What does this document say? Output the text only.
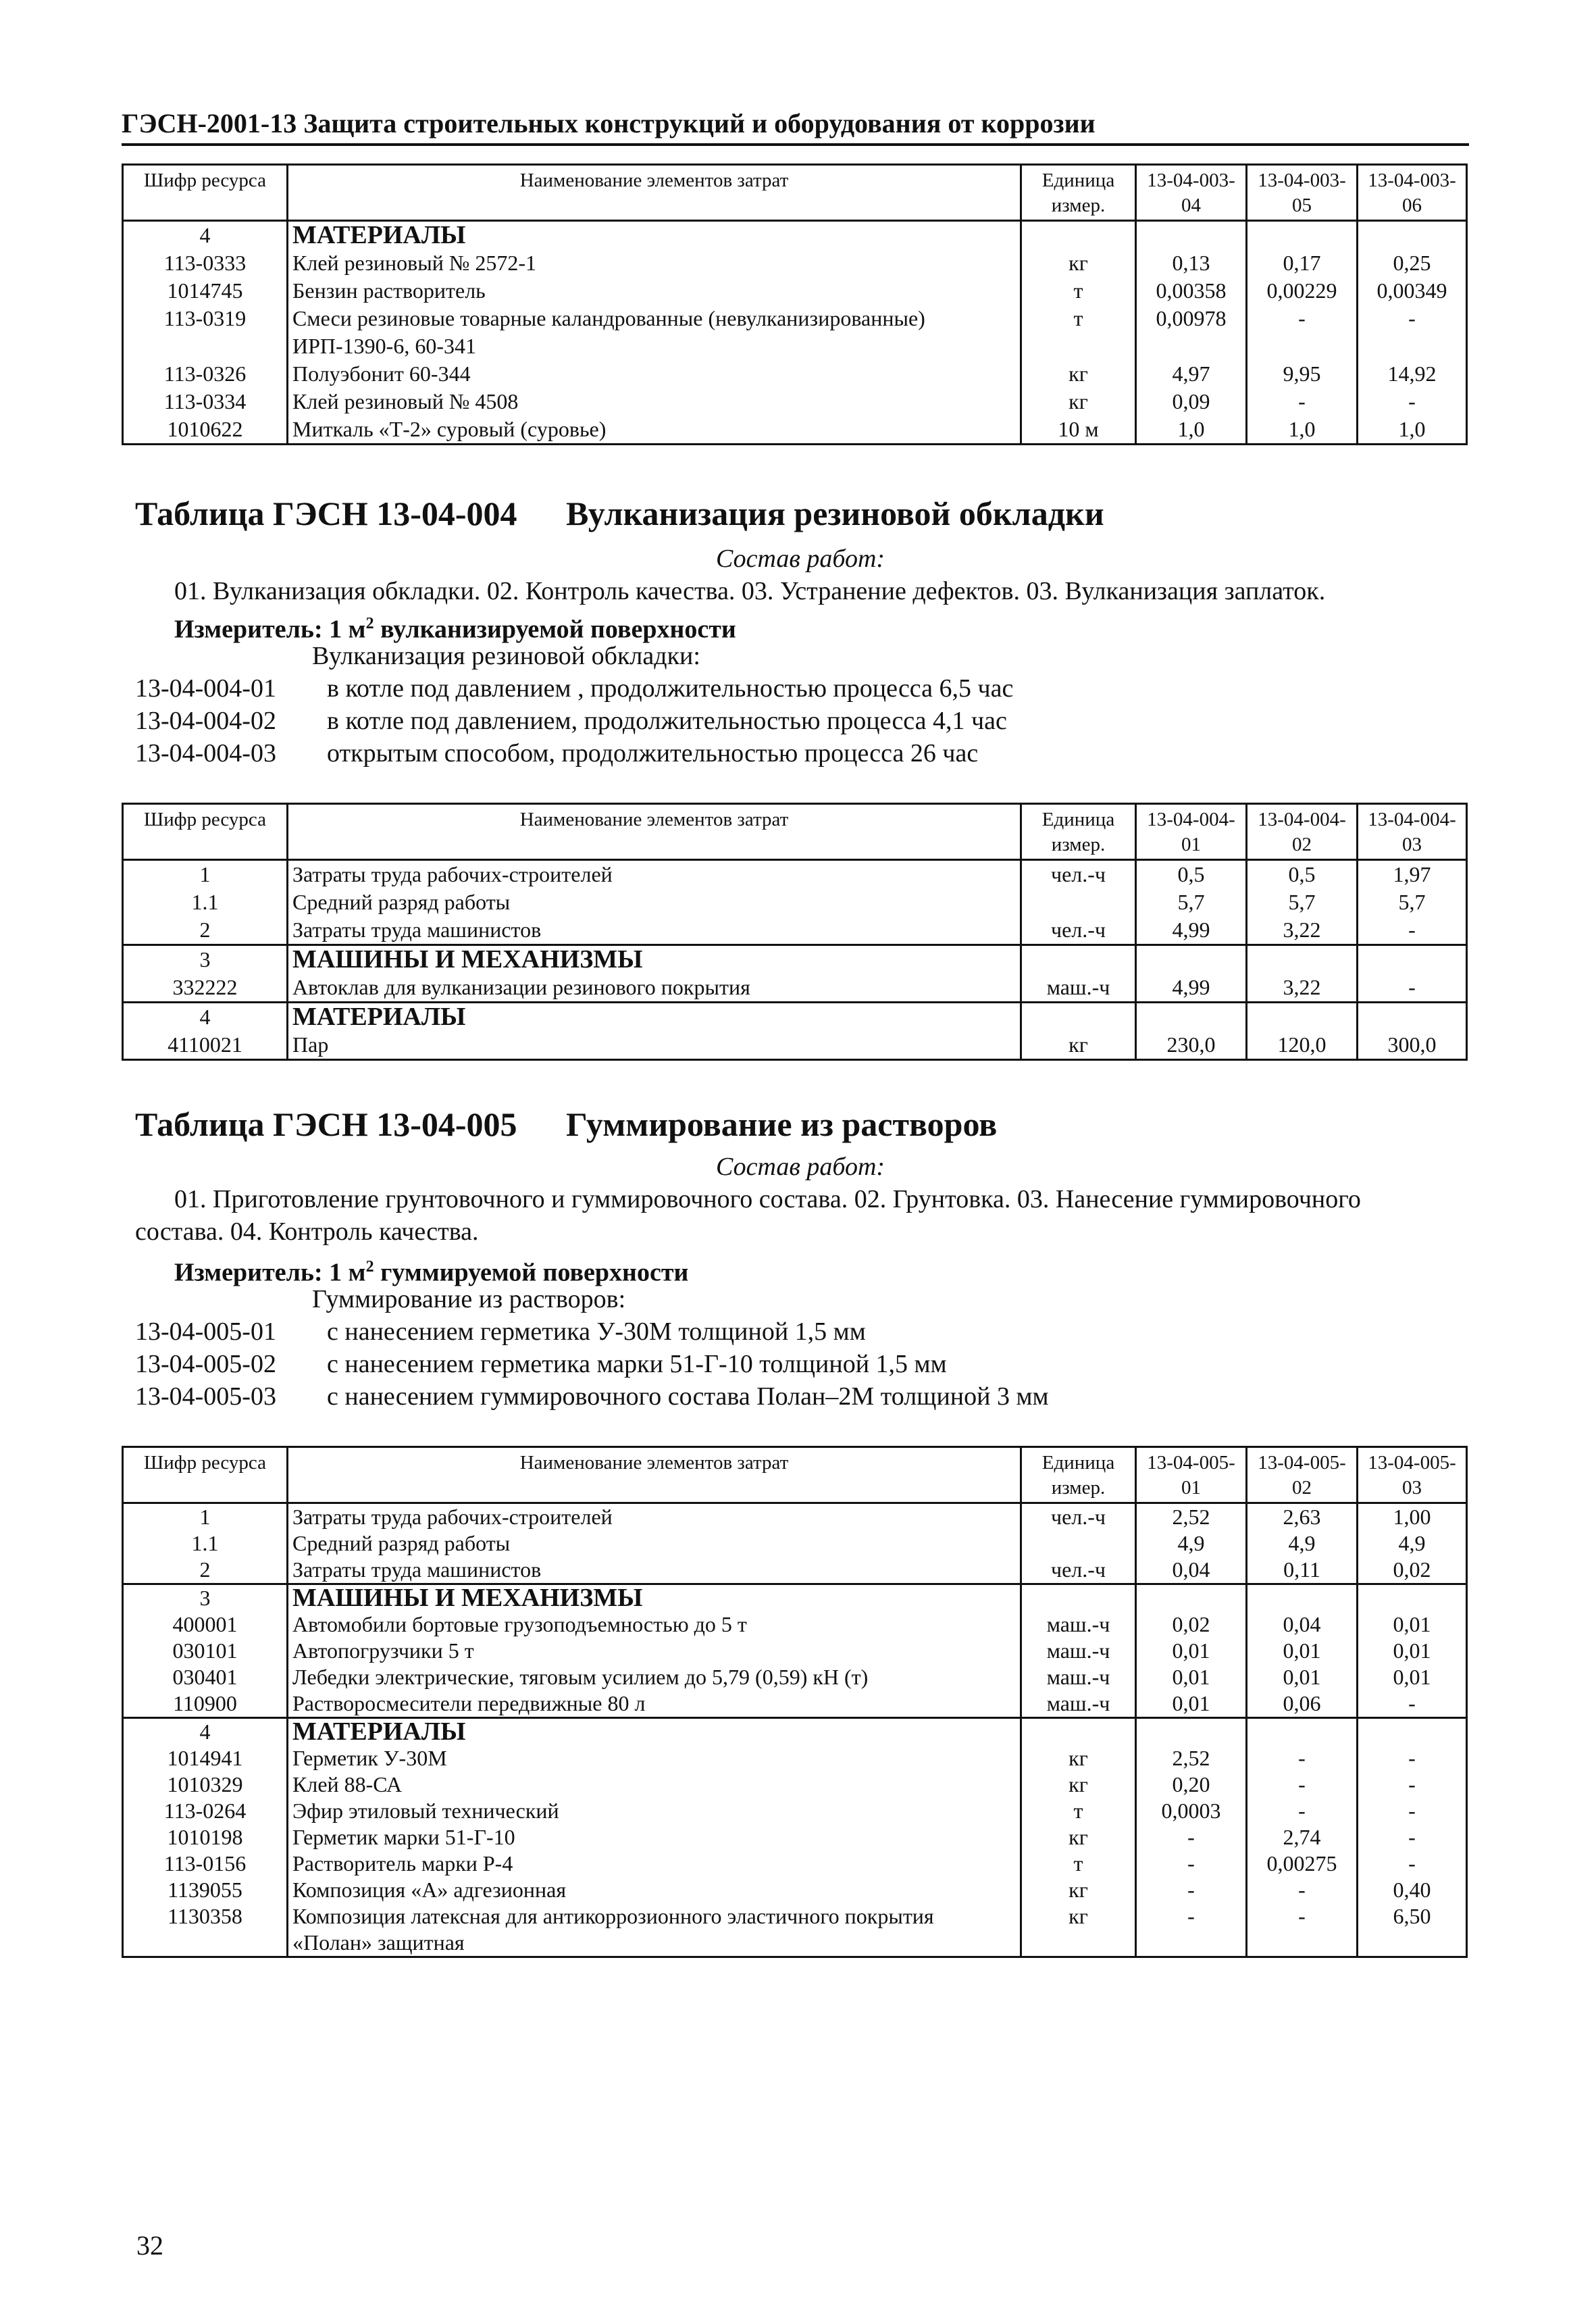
ГЭСН-2001-13 Защита строительных конструкций и оборудования от коррозии
Шифр ресурса	Наименование элементов затрат	Единица измер.	13-04-003-04	13-04-003-05	13-04-003-06
4	МАТЕРИАЛЫ				
113-0333	Клей резиновый № 2572-1	кг	0,13	0,17	0,25
1014745	Бензин растворитель	т	0,00358	0,00229	0,00349
113-0319	Смеси резиновые товарные каландрованные (невулканизированные) ИРП-1390-6, 60-341	т	0,00978	-	-
113-0326	Полуэбонит 60-344	кг	4,97	9,95	14,92
113-0334	Клей резиновый № 4508	кг	0,09	-	-
1010622	Миткаль «Т-2» суровый (суровье)	10 м	1,0	1,0	1,0
Таблица ГЭСН 13-04-004 Вулканизация резиновой обкладки
Состав работ:
01. Вулканизация обкладки. 02. Контроль качества. 03. Устранение дефектов. 03. Вулканизация заплаток.
Измеритель: 1 $м^2$ вулканизируемой поверхности
Вулканизация резиновой обкладки:
13-04-004-01 в котле под давлением , продолжительностью процесса 6,5 час
13-04-004-02 в котле под давлением, продолжительностью процесса 4,1 час
13-04-004-03 открытым способом, продолжительностью процесса 26 час
Шифр ресурса	Наименование элементов затрат	Единица измер.	13-04-004-01	13-04-004-02	13-04-004-03
1	Затраты труда рабочих-строителей	чел.-ч	0,5	0,5	1,97
1.1	Средний разряд работы		5,7	5,7	5,7
2	Затраты труда машинистов	чел.-ч	4,99	3,22	-
3	МАШИНЫ И МЕХАНИЗМЫ				
332222	Автоклав для вулканизации резинового покрытия	маш.-ч	4,99	3,22	-
4	МАТЕРИАЛЫ				
4110021	Пар	кг	230,0	120,0	300,0
Таблица ГЭСН 13-04-005 Гуммирование из растворов
Состав работ:
01. Приготовление грунтовочного и гуммировочного состава. 02. Грунтовка. 03. Нанесение гуммировочного
состава. 04. Контроль качества.
Измеритель: 1 $м^2$ гуммируемой поверхности
Гуммирование из растворов:
13-04-005-01 с нанесением герметика У-30М толщиной 1,5 мм
13-04-005-02 с нанесением герметика марки 51-Г-10 толщиной 1,5 мм
13-04-005-03 с нанесением гуммировочного состава Полан–2М толщиной 3 мм
Шифр ресурса	Наименование элементов затрат	Единица измер.	13-04-005-01	13-04-005-02	13-04-005-03
1	Затраты труда рабочих-строителей	чел.-ч	2,52	2,63	1,00
1.1	Средний разряд работы		4,9	4,9	4,9
2	Затраты труда машинистов	чел.-ч	0,04	0,11	0,02
3	МАШИНЫ И МЕХАНИЗМЫ				
400001	Автомобили бортовые грузоподъемностью до 5 т	маш.-ч	0,02	0,04	0,01
030101	Автопогрузчики 5 т	маш.-ч	0,01	0,01	0,01
030401	Лебедки электрические, тяговым усилием до 5,79 (0,59) кН (т)	маш.-ч	0,01	0,01	0,01
110900	Растворосмесители передвижные 80 л	маш.-ч	0,01	0,06	-
4	МАТЕРИАЛЫ				
1014941	Герметик У-30М	кг	2,52	-	-
1010329	Клей 88-СА	кг	0,20	-	-
113-0264	Эфир этиловый технический	т	0,0003	-	-
1010198	Герметик марки 51-Г-10	кг	-	2,74	-
113-0156	Растворитель марки Р-4	т	-	0,00275	-
1139055	Композиция «А» адгезионная	кг	-	-	0,40
1130358	Композиция латексная для антикоррозионного эластичного покрытия «Полан» защитная	кг	-	-	6,50
32
